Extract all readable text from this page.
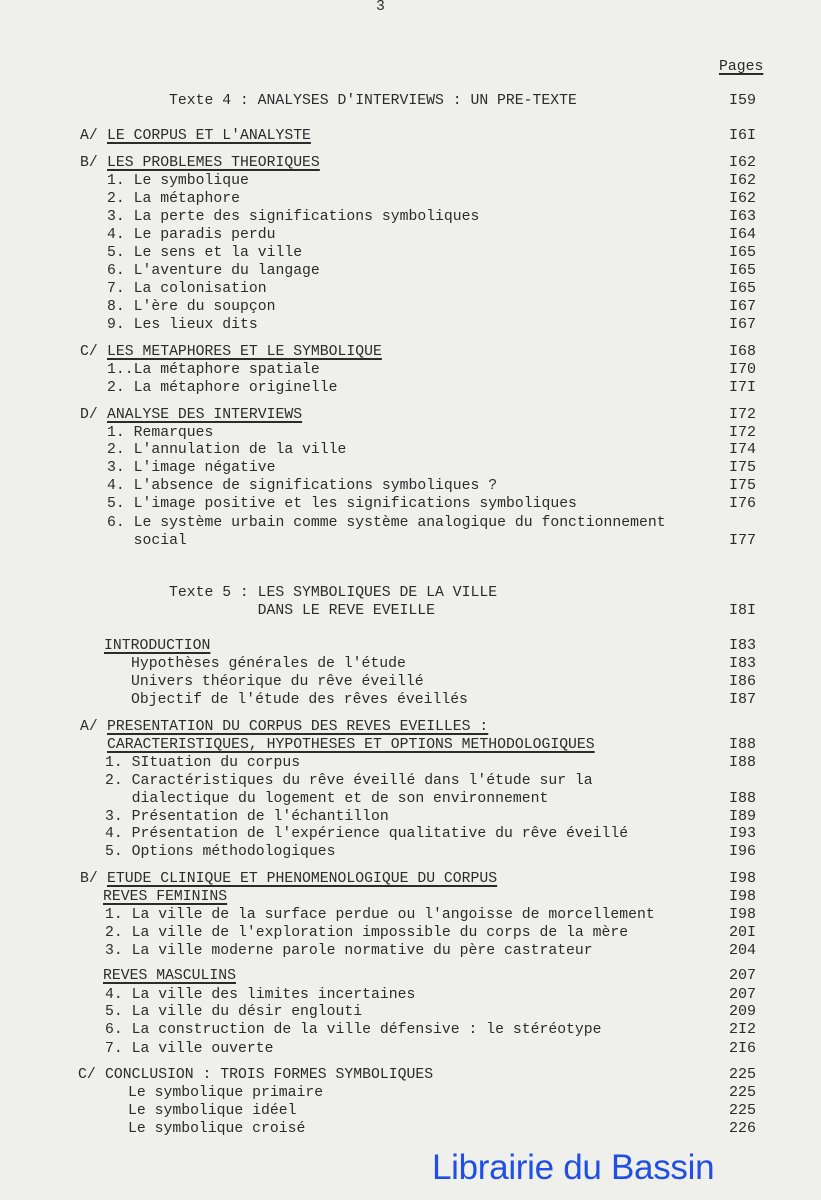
3
Pages
Texte 4 : ANALYSES D'INTERVIEWS : UN PRE-TEXTE	I59
A/ LE CORPUS ET L'ANALYSTE	I6I
B/ LES PROBLEMES THEORIQUES	I62
1. Le symbolique	I62
2. La métaphore	I62
3. La perte des significations symboliques	I63
4. Le paradis perdu	I64
5. Le sens et la ville	I65
6. L'aventure du langage	I65
7. La colonisation	I65
8. L'ère du soupçon	I67
9. Les lieux dits	I67
C/ LES METAPHORES ET LE SYMBOLIQUE	I68
1..La métaphore spatiale	I70
2. La métaphore originelle	I7I
D/ ANALYSE DES INTERVIEWS	I72
1. Remarques	I72
2. L'annulation de la ville	I74
3. L'image négative	I75
4. L'absence de significations symboliques ?	I75
5. L'image positive et les significations symboliques	I76
6. Le système urbain comme système analogique du fonctionnement
social	I77
Texte 5 : LES SYMBOLIQUES DE LA VILLE
DANS LE REVE EVEILLE	I8I
INTRODUCTION	I83
Hypothèses générales de l'étude	I83
Univers théorique du rêve éveillé	I86
Objectif de l'étude des rêves éveillés	I87
A/ PRESENTATION DU CORPUS DES REVES EVEILLES :
CARACTERISTIQUES, HYPOTHESES ET OPTIONS METHODOLOGIQUES	I88
1. SItuation du corpus	I88
2. Caractéristiques du rêve éveillé dans l'étude sur la
dialectique du logement et de son environnement	I88
3. Présentation de l'échantillon	I89
4. Présentation de l'expérience qualitative du rêve éveillé	I93
5. Options méthodologiques	I96
B/ ETUDE CLINIQUE ET PHENOMENOLOGIQUE DU CORPUS	I98
REVES FEMININS	I98
1. La ville de la surface perdue ou l'angoisse de morcellement	I98
2. La ville de l'exploration impossible du corps de la mère	20I
3. La ville moderne parole normative du père castrateur	204
REVES MASCULINS	207
4. La ville des limites incertaines	207
5. La ville du désir englouti	209
6. La construction de la ville défensive : le stéréotype	2I2
7. La ville ouverte	2I6
C/ CONCLUSION : TROIS FORMES SYMBOLIQUES	225
Le symbolique primaire	225
Le symbolique idéel	225
Le symbolique croisé	226
Librairie du Bassin
